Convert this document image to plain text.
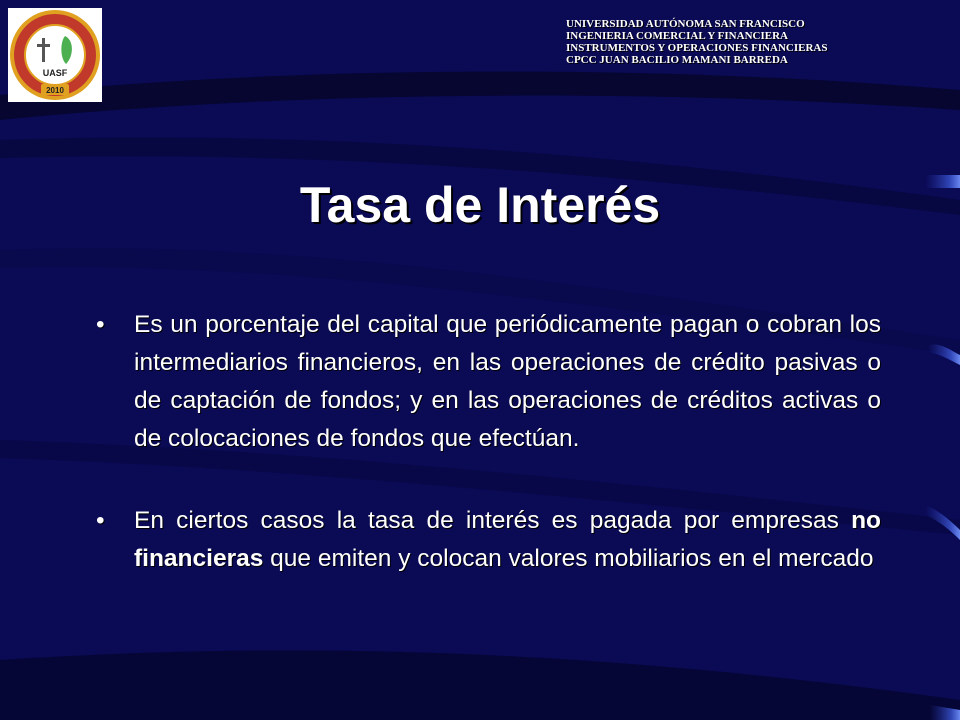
UASF
2010
UNIVERSIDAD AUTÓNOMA SAN FRANCISCO
INGENIERIA COMERCIAL Y FINANCIERA
INSTRUMENTOS Y OPERACIONES FINANCIERAS
CPCC JUAN BACILIO MAMANI BARREDA
Tasa de Interés
•	Es un porcentaje del capital que periódicamente pagan o cobran los intermediarios financieros, en las operaciones de crédito pasivas o de captación de fondos; y en las operaciones de créditos activas o de colocaciones de fondos que efectúan.
•	En ciertos casos la tasa de interés es pagada por empresas no financieras que emiten y colocan valores mobiliarios en el mercado
